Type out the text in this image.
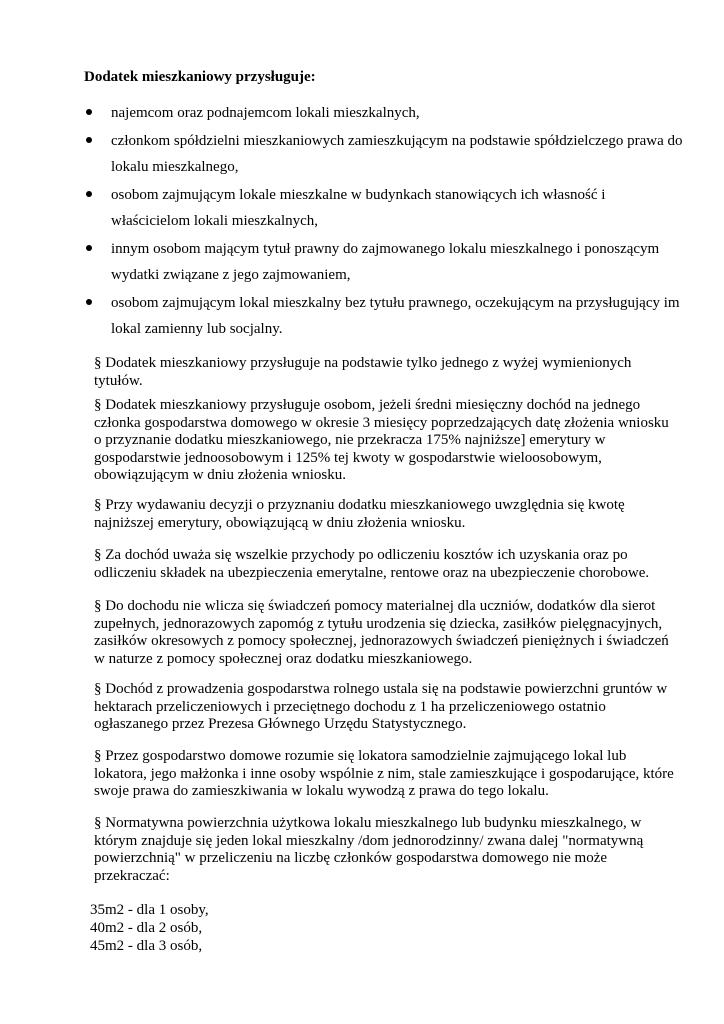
Dodatek mieszkaniowy przysługuje:

najemcom oraz podnajemcom lokali mieszkalnych,
członkom spółdzielni mieszkaniowych zamieszkującym na podstawie spółdzielczego prawa do lokalu mieszkalnego,
osobom zajmującym lokale mieszkalne w budynkach stanowiących ich własność i właścicielom lokali mieszkalnych,
innym osobom mającym tytuł prawny do zajmowanego lokalu mieszkalnego i ponoszącym wydatki związane z jego zajmowaniem,
osobom zajmującym lokal mieszkalny bez tytułu prawnego, oczekującym na przysługujący im lokal zamienny lub socjalny.

§ Dodatek mieszkaniowy przysługuje na podstawie tylko jednego z wyżej wymienionych tytułów.

§ Dodatek mieszkaniowy przysługuje osobom, jeżeli średni miesięczny dochód na jednego członka gospodarstwa domowego w okresie 3 miesięcy poprzedzających datę złożenia wniosku o przyznanie dodatku mieszkaniowego, nie przekracza 175% najniższe] emerytury w gospodarstwie jednoosobowym i 125% tej kwoty w gospodarstwie wieloosobowym, obowiązującym w dniu złożenia wniosku.

§ Przy wydawaniu decyzji o przyznaniu dodatku mieszkaniowego uwzględnia się kwotę najniższej emerytury, obowiązującą w dniu złożenia wniosku.

§ Za dochód uważa się wszelkie przychody po odliczeniu kosztów ich uzyskania oraz po odliczeniu składek na ubezpieczenia emerytalne, rentowe oraz na ubezpieczenie chorobowe.

§ Do dochodu nie wlicza się świadczeń pomocy materialnej dla uczniów, dodatków dla sierot zupełnych, jednorazowych zapomóg z tytułu urodzenia się dziecka, zasiłków pielęgnacyjnych, zasiłków okresowych z pomocy społecznej, jednorazowych świadczeń pieniężnych i świadczeń w naturze z pomocy społecznej oraz dodatku mieszkaniowego.

§ Dochód z prowadzenia gospodarstwa rolnego ustala się na podstawie powierzchni gruntów w hektarach przeliczeniowych i przeciętnego dochodu z 1 ha przeliczeniowego ostatnio ogłaszanego przez Prezesa Głównego Urzędu Statystycznego.

§ Przez gospodarstwo domowe rozumie się lokatora samodzielnie zajmującego lokal lub lokatora, jego małżonka i inne osoby wspólnie z nim, stale zamieszkujące i gospodarujące, które swoje prawa do zamieszkiwania w lokalu wywodzą z prawa do tego lokalu.

§ Normatywna powierzchnia użytkowa lokalu mieszkalnego lub budynku mieszkalnego, w którym znajduje się jeden lokal mieszkalny /dom jednorodzinny/ zwana dalej "normatywną powierzchnią" w przeliczeniu na liczbę członków gospodarstwa domowego nie może przekraczać:

35m2 - dla 1 osoby,
40m2 - dla 2 osób,
45m2 - dla 3 osób,
